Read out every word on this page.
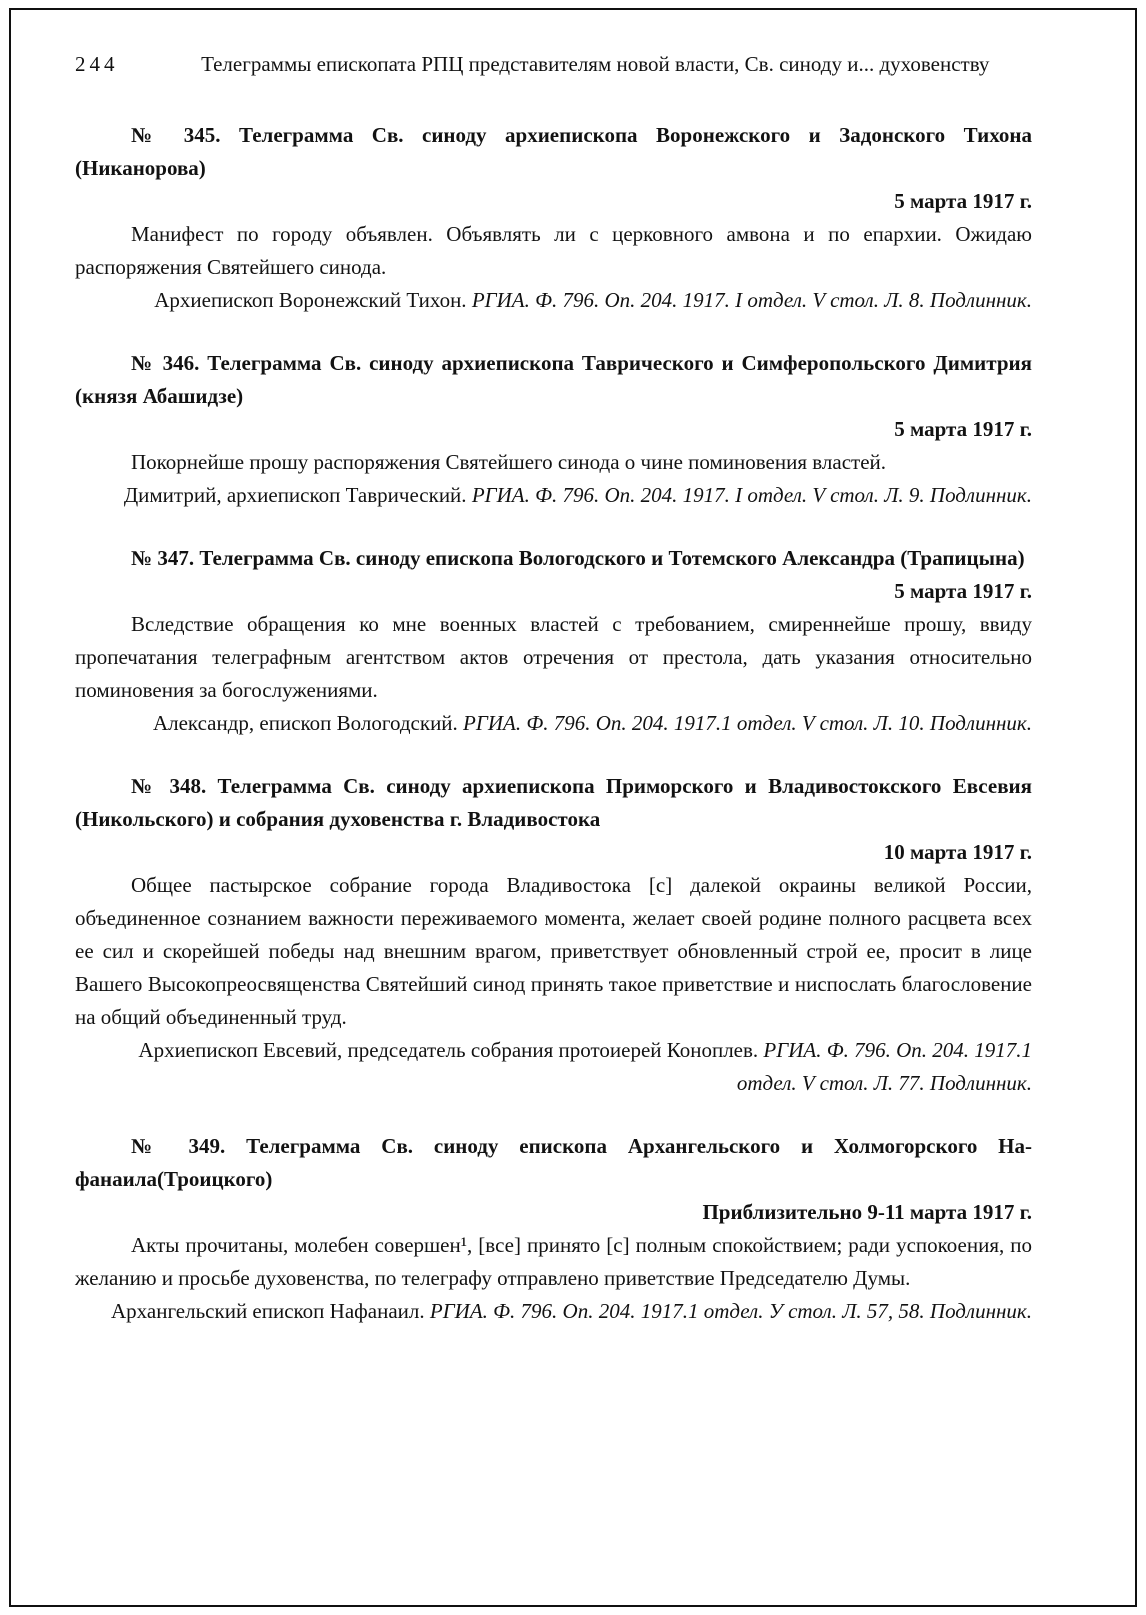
244	Телеграммы епископата РПЦ представителям новой власти, Св. синоду и... духовенству
№ 345. Телеграмма Св. синоду архиепископа Воронежского и Задонского Тихона (Никанорова)

5 марта 1917 г.

Манифест по городу объявлен. Объявлять ли с церковного амвона и по епархии. Ожидаю распоряжения Святейшего синода.

Архиепископ Воронежский Тихон. РГИА. Ф. 796. Оп. 204. 1917. I отдел. V стол. Л. 8. Подлинник.

№ 346. Телеграмма Св. синоду архиепископа Таврического и Симферопольского Димитрия (князя Абашидзе)

5 марта 1917 г.

Покорнейше прошу распоряжения Святейшего синода о чине поминовения властей.

Димитрий, архиепископ Таврический. РГИА. Ф. 796. Оп. 204. 1917. I отдел. V стол. Л. 9. Подлинник.

№ 347. Телеграмма Св. синоду епископа Вологодского и Тотемского Александра (Трапицына)

5 марта 1917 г.

Вследствие обращения ко мне военных властей с требованием, смиреннейше прошу, ввиду пропечатания телеграфным агентством актов отречения от престола, дать указания относительно поминовения за богослужениями.

Александр, епископ Вологодский. РГИА. Ф. 796. Оп. 204. 1917.1 отдел. V стол. Л. 10. Подлинник.

№ 348. Телеграмма Св. синоду архиепископа Приморского и Владивостокского Евсевия (Никольского) и собрания духовенства г. Владивостока

10 марта 1917 г.

Общее пастырское собрание города Владивостока [с] далекой окраины великой России, объединенное сознанием важности переживаемого момента, желает своей родине полного расцвета всех ее сил и скорейшей победы над внешним врагом, приветствует обновленный строй ее, просит в лице Вашего Высокопреосвященства Святейший синод принять такое приветствие и ниспослать благословение на общий объединенный труд.

Архиепископ Евсевий, председатель собрания протоиерей Коноплев. РГИА. Ф. 796. Оп. 204. 1917.1 отдел. V стол. Л. 77. Подлинник.

№ 349. Телеграмма Св. синоду епископа Архангельского и Холмогорского На-фанаила(Троицкого)

Приблизительно 9-11 марта 1917 г.

Акты прочитаны, молебен совершен¹, [все] принято [с] полным спокойствием; ради успокоения, по желанию и просьбе духовенства, по телеграфу отправлено приветствие Председателю Думы.

Архангельский епископ Нафанаил. РГИА. Ф. 796. Оп. 204. 1917.1 отдел. У стол. Л. 57, 58. Подлинник.
